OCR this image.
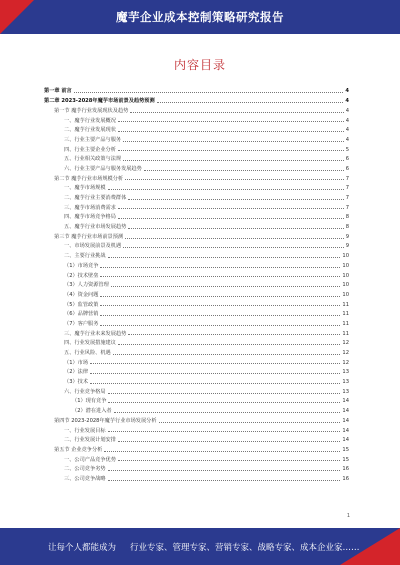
魔芋企业成本控制策略研究报告
内容目录
第一章 前言	4
第二章 2023-2028年魔芋市场前景及趋势预测	4
第一节 魔芋行业发展现状及趋势	4
一、魔芋行业发展概况	4
二、魔芋行业发展现状	4
三、行业主要产品与服务	4
四、行业主要企业分析	5
五、行业相关政策与法规	6
六、行业主要产品与服务发展趋势	6
第二节 魔芋行业市场规模分析	7
一、魔芋市场规模	7
二、魔芋行业主要消费群体	7
三、魔芋市场消费需求	7
四、魔芋市场竞争格局	8
五、魔芋行业市场发展趋势	8
第三节 魔芋行业市场前景预测	9
一、市场发展前景及机遇	9
二、主要行业挑战	10
（1）市场竞争	10
（2）技术壁垒	10
（3）人力资源管理	10
（4）资金问题	10
（5）监管政策	11
（6）品牌营销	11
（7）客户服务	11
三、魔芋行业未来发展趋势	11
四、行业发展措施建议	12
五、行业风险、机遇	12
（1）市场	12
（2）法律	13
（3）技术	13
六、行业竞争格局	13
（1）现有竞争	14
（2）潜在进入者	14
第四节 2023-2028年魔芋行业市场发展分析	14
一、行业发展目标	14
二、行业发展计划安排	14
第五节 企业竞争分析	15
一、公司产品竞争优势	15
二、公司竞争劣势	16
三、公司竞争战略	16
1
让每个人都能成为 行业专家、管理专家、营销专家、战略专家、成本企业家……
